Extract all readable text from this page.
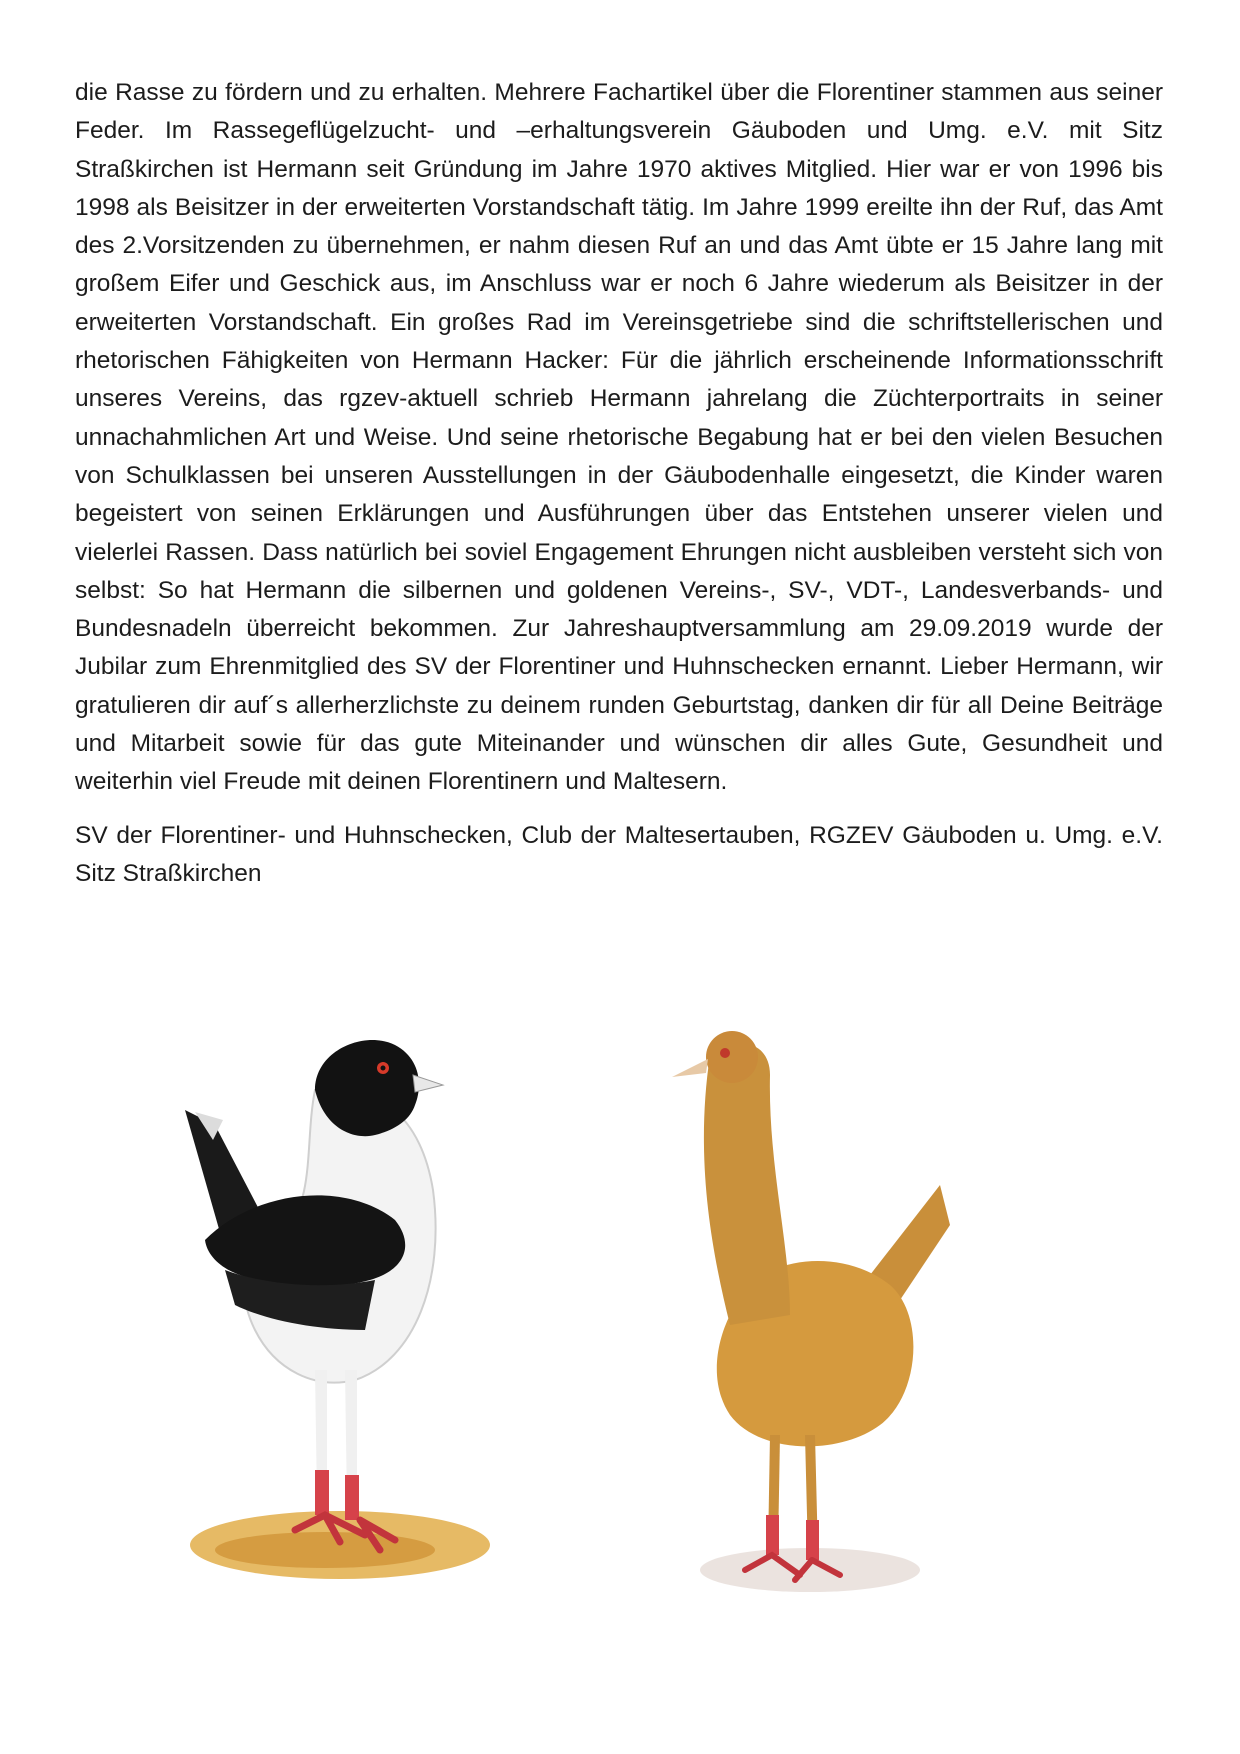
die Rasse zu fördern und zu erhalten. Mehrere Fachartikel über die Florentiner stammen aus seiner Feder. Im Rassegeflügelzucht- und –erhaltungsverein Gäuboden und Umg. e.V. mit Sitz Straßkirchen ist Hermann seit Gründung im Jahre 1970 aktives Mitglied. Hier war er von 1996 bis 1998 als Beisitzer in der erweiterten Vorstandschaft tätig. Im Jahre 1999 ereilte ihn der Ruf, das Amt des 2.Vorsitzenden zu übernehmen, er nahm diesen Ruf an und das Amt übte er 15 Jahre lang mit großem Eifer und Geschick aus, im Anschluss war er noch 6 Jahre wiederum als Beisitzer in der erweiterten Vorstandschaft. Ein großes Rad im Vereinsgetriebe sind die schriftstellerischen und rhetorischen Fähigkeiten von Hermann Hacker: Für die jährlich erscheinende Informationsschrift unseres Vereins, das rgzev-aktuell schrieb Hermann jahrelang die Züchterportraits in seiner unnachahmlichen Art und Weise. Und seine rhetorische Begabung hat er bei den vielen Besuchen von Schulklassen bei unseren Ausstellungen in der Gäubodenhalle eingesetzt, die Kinder waren begeistert von seinen Erklärungen und Ausführungen über das Entstehen unserer vielen und vielerlei Rassen. Dass natürlich bei soviel Engagement Ehrungen nicht ausbleiben versteht sich von selbst: So hat Hermann die silbernen und goldenen Vereins-, SV-, VDT-, Landesverbands- und Bundesnadeln überreicht bekommen. Zur Jahreshauptversammlung am 29.09.2019 wurde der Jubilar zum Ehrenmitglied des SV der Florentiner und Huhnschecken ernannt. Lieber Hermann, wir gratulieren dir auf´s allerherzlichste zu deinem runden Geburtstag, danken dir für all Deine Beiträge und Mitarbeit sowie für das gute Miteinander und wünschen dir alles Gute, Gesundheit und weiterhin viel Freude mit deinen Florentinern und Maltesern.

SV der Florentiner- und Huhnschecken, Club der Maltesertauben, RGZEV Gäuboden u. Umg. e.V. Sitz Straßkirchen
